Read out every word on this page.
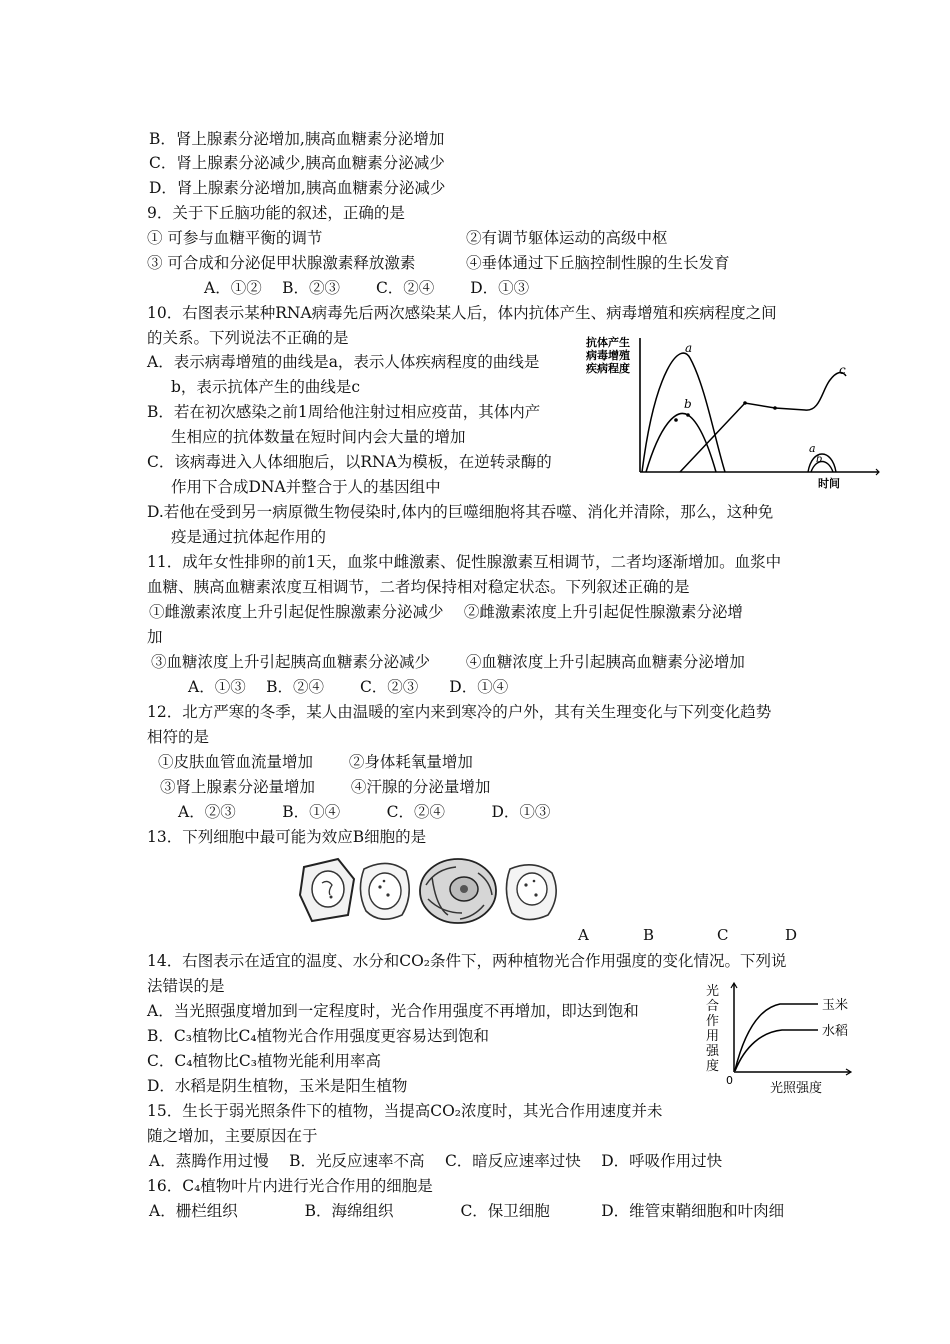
B．肾上腺素分泌增加,胰高血糖素分泌增加
C．肾上腺素分泌减少,胰高血糖素分泌减少
D．肾上腺素分泌增加,胰高血糖素分泌减少
9．关于下丘脑功能的叙述，正确的是
① 可参与血糖平衡的调节	②有调节躯体运动的高级中枢
③ 可合成和分泌促甲状腺激素释放激素	④垂体通过下丘脑控制性腺的生长发育
A．①②　 B．②③　　 C．②④　　 D．①③
10．右图表示某种RNA病毒先后两次感染某人后，体内抗体产生、病毒增殖和疾病程度之间
的关系。下列说法不正确的是
A．表示病毒增殖的曲线是a，表示人体疾病程度的曲线是
b，表示抗体产生的曲线是c
B．若在初次感染之前1周给他注射过相应疫苗，其体内产
生相应的抗体数量在短时间内会大量的增加
C．该病毒进入人体细胞后，以RNA为模板，在逆转录酶的
作用下合成DNA并整合于人的基因组中
D.若他在受到另一病原微生物侵染时,体内的巨噬细胞将其吞噬、消化并清除，那么，这种免
疫是通过抗体起作用的
11．成年女性排卵的前1天，血浆中雌激素、促性腺激素互相调节，二者均逐渐增加。血浆中
血糖、胰高血糖素浓度互相调节，二者均保持相对稳定状态。下列叙述正确的是
①雌激素浓度上升引起促性腺激素分泌减少　 ②雌激素浓度上升引起促性腺激素分泌增
加
③血糖浓度上升引起胰高血糖素分泌减少　　 ④血糖浓度上升引起胰高血糖素分泌增加
A．①③　 B．②④　　 C．②③　　D．①④
12．北方严寒的冬季，某人由温暖的室内来到寒冷的户外，其有关生理变化与下列变化趋势
相符的是
①皮肤血管血流量增加　　 ②身体耗氧量增加
③肾上腺素分泌量增加　　 ④汗腺的分泌量增加
A．②③　　　B．①④　　　C．②④　　　D．①③
13．下列细胞中最可能为效应B细胞的是
14．右图表示在适宜的温度、水分和CO₂条件下，两种植物光合作用强度的变化情况。下列说
法错误的是
A．当光照强度增加到一定程度时，光合作用强度不再增加，即达到饱和
B．C₃植物比C₄植物光合作用强度更容易达到饱和
C．C₄植物比C₃植物光能利用率高
D．水稻是阴生植物，玉米是阳生植物
15．生长于弱光照条件下的植物，当提高CO₂浓度时，其光合作用速度并未
随之增加，主要原因在于
A．蒸腾作用过慢　 B．光反应速率不高　 C．暗反应速率过快　 D．呼吸作用过快
16．C₄植物叶片内进行光合作用的细胞是
A．栅栏组织　　　　 B．海绵组织　　　　 C．保卫细胞　　　 D．维管束鞘细胞和叶肉细
抗体产生
病毒增殖
疾病程度
a
b
c
a
b
时间
A	B	C	D
光
合
作
用
强
度
玉米
水稻
0
光照强度
